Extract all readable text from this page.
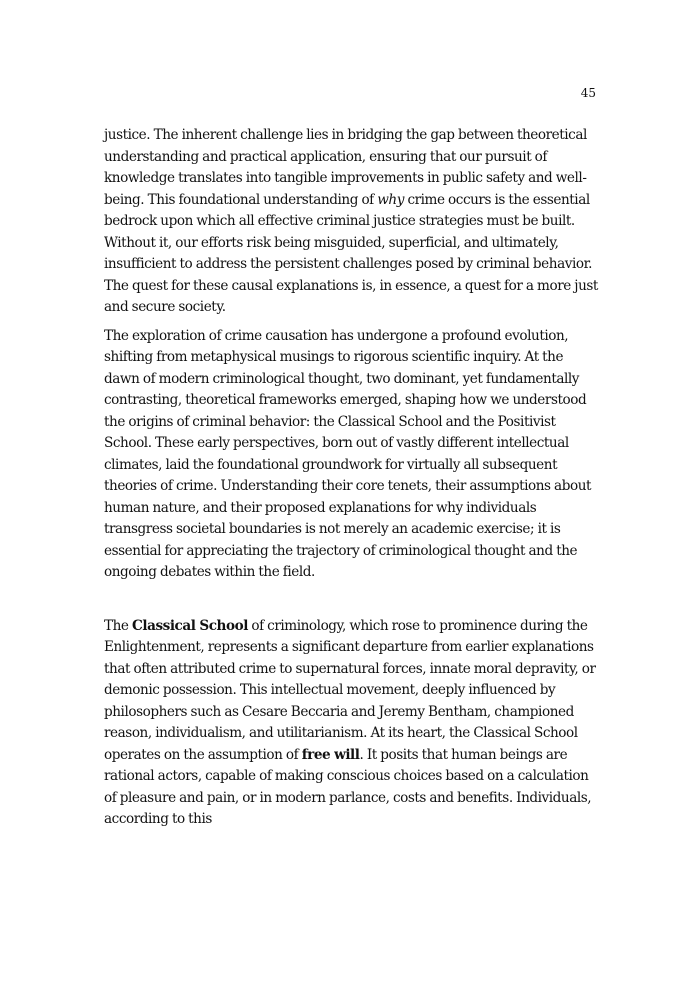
45

justice. The inherent challenge lies in bridging the gap between theoretical understanding and practical application, ensuring that our pursuit of knowledge translates into tangible improvements in public safety and well-being. This foundational understanding of why crime occurs is the essential bedrock upon which all effective criminal justice strategies must be built. Without it, our efforts risk being misguided, superficial, and ultimately, insufficient to address the persistent challenges posed by criminal behavior. The quest for these causal explanations is, in essence, a quest for a more just and secure society.

The exploration of crime causation has undergone a profound evolution, shifting from metaphysical musings to rigorous scientific inquiry. At the dawn of modern criminological thought, two dominant, yet fundamentally contrasting, theoretical frameworks emerged, shaping how we understood the origins of criminal behavior: the Classical School and the Positivist School. These early perspectives, born out of vastly different intellectual climates, laid the foundational groundwork for virtually all subsequent theories of crime. Understanding their core tenets, their assumptions about human nature, and their proposed explanations for why individuals transgress societal boundaries is not merely an academic exercise; it is essential for appreciating the trajectory of criminological thought and the ongoing debates within the field.

The Classical School of criminology, which rose to prominence during the Enlightenment, represents a significant departure from earlier explanations that often attributed crime to supernatural forces, innate moral depravity, or demonic possession. This intellectual movement, deeply influenced by philosophers such as Cesare Beccaria and Jeremy Bentham, championed reason, individualism, and utilitarianism. At its heart, the Classical School operates on the assumption of free will. It posits that human beings are rational actors, capable of making conscious choices based on a calculation of pleasure and pain, or in modern parlance, costs and benefits. Individuals, according to this
